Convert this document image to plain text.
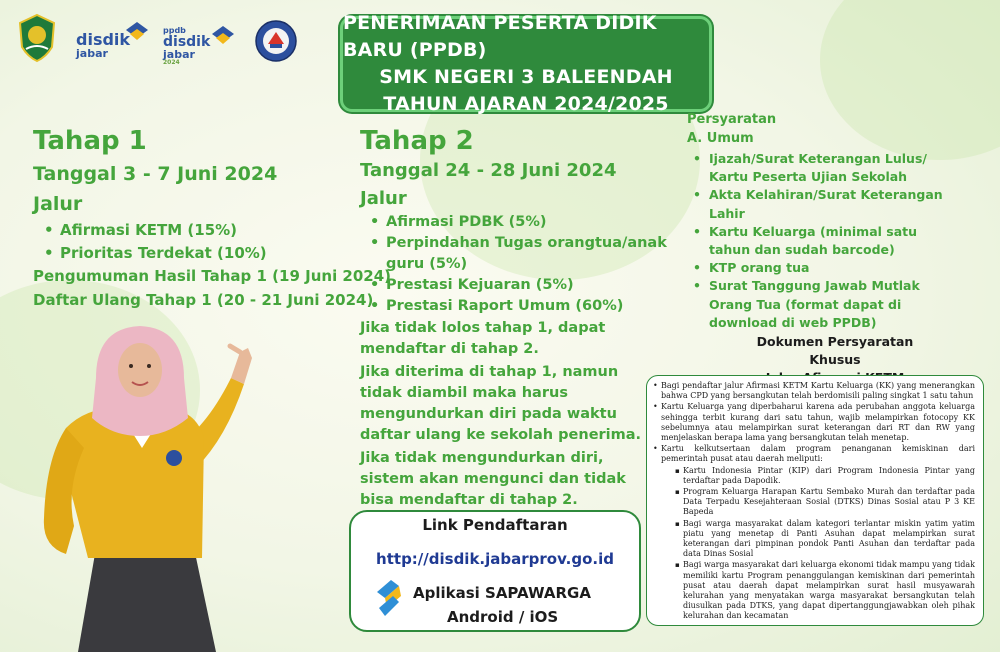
disdik
jabar
ppdb
disdik
jabar
2024
PENERIMAAN PESERTA DIDIK BARU (PPDB)
SMK NEGERI 3 BALEENDAH
TAHUN AJARAN 2024/2025
Tahap 1
Tanggal 3 - 7 Juni 2024
Jalur
• Afirmasi KETM (15%)
• Prioritas Terdekat (10%)
Pengumuman Hasil Tahap 1 (19 Juni 2024)
Daftar Ulang Tahap 1 (20 - 21 Juni 2024)
Tahap 2
Tanggal 24 - 28 Juni 2024
Jalur
• Afirmasi PDBK (5%)
• Perpindahan Tugas orangtua/anak guru (5%)
• Prestasi Kejuaran (5%)
• Prestasi Raport Umum (60%)

Jika tidak lolos tahap 1, dapat mendaftar di tahap 2.

Jika diterima di tahap 1, namun tidak diambil maka harus mengundurkan diri pada waktu daftar ulang ke sekolah penerima.

Jika tidak mengundurkan diri, sistem akan mengunci dan tidak bisa mendaftar di tahap 2.

Link Pendaftaran
http://disdik.jabarprov.go.id
Aplikasi SAPAWARGA
Android / iOS
Persyaratan
A. Umum
• Ijazah/Surat Keterangan Lulus/ Kartu Peserta Ujian Sekolah
• Akta Kelahiran/Surat Keterangan Lahir
• Kartu Keluarga (minimal satu tahun dan sudah barcode)
• KTP orang tua
• Surat Tanggung Jawab Mutlak Orang Tua (format dapat di download di web PPDB)
Dokumen Persyaratan Khusus
• Bagi pendaftar jalur Afirmasi KETM Kartu Keluarga (KK) yang menerangkan bahwa CPD yang bersangkutan telah berdomisili paling singkat 1 satu tahun
• Kartu Keluarga yang diperbaharui karena ada perubahan anggota keluarga sehingga terbit kurang dari satu tahun, wajib melampirkan fotocopy KK sebelumnya atau melampirkan surat keterangan dari RT dan RW yang menjelaskan berapa lama yang bersangkutan telah menetap.
• Kartu kelkutsertaan dalam program penanganan kemiskinan dari pemerintah pusat atau daerah meliputi:
▪ Kartu Indonesia Pintar (KIP) dari Program Indonesia Pintar yang terdaftar pada Dapodik.
▪ Program Keluarga Harapan Kartu Sembako Murah dan terdaftar pada Data Terpadu Kesejahteraan Sosial (DTKS) Dinas Sosial atau P 3 KE Bapeda
▪ Bagi warga masyarakat dalam kategori terlantar miskin yatim yatim piatu yang menetap di Panti Asuhan dapat melampirkan surat keterangan dari pimpinan pondok Panti Asuhan dan terdaftar pada data Dinas Sosial
▪ Bagi warga masyarakat dari keluarga ekonomi tidak mampu yang tidak memiliki kartu Program penanggulangan kemiskinan dari pemerintah pusat atau daerah dapat melampirkan surat hasil musyawarah kelurahan yang menyatakan warga masyarakat bersangkutan telah diusulkan pada DTKS, yang dapat dipertanggungjawabkan oleh pihak kelurahan dan kecamatan
